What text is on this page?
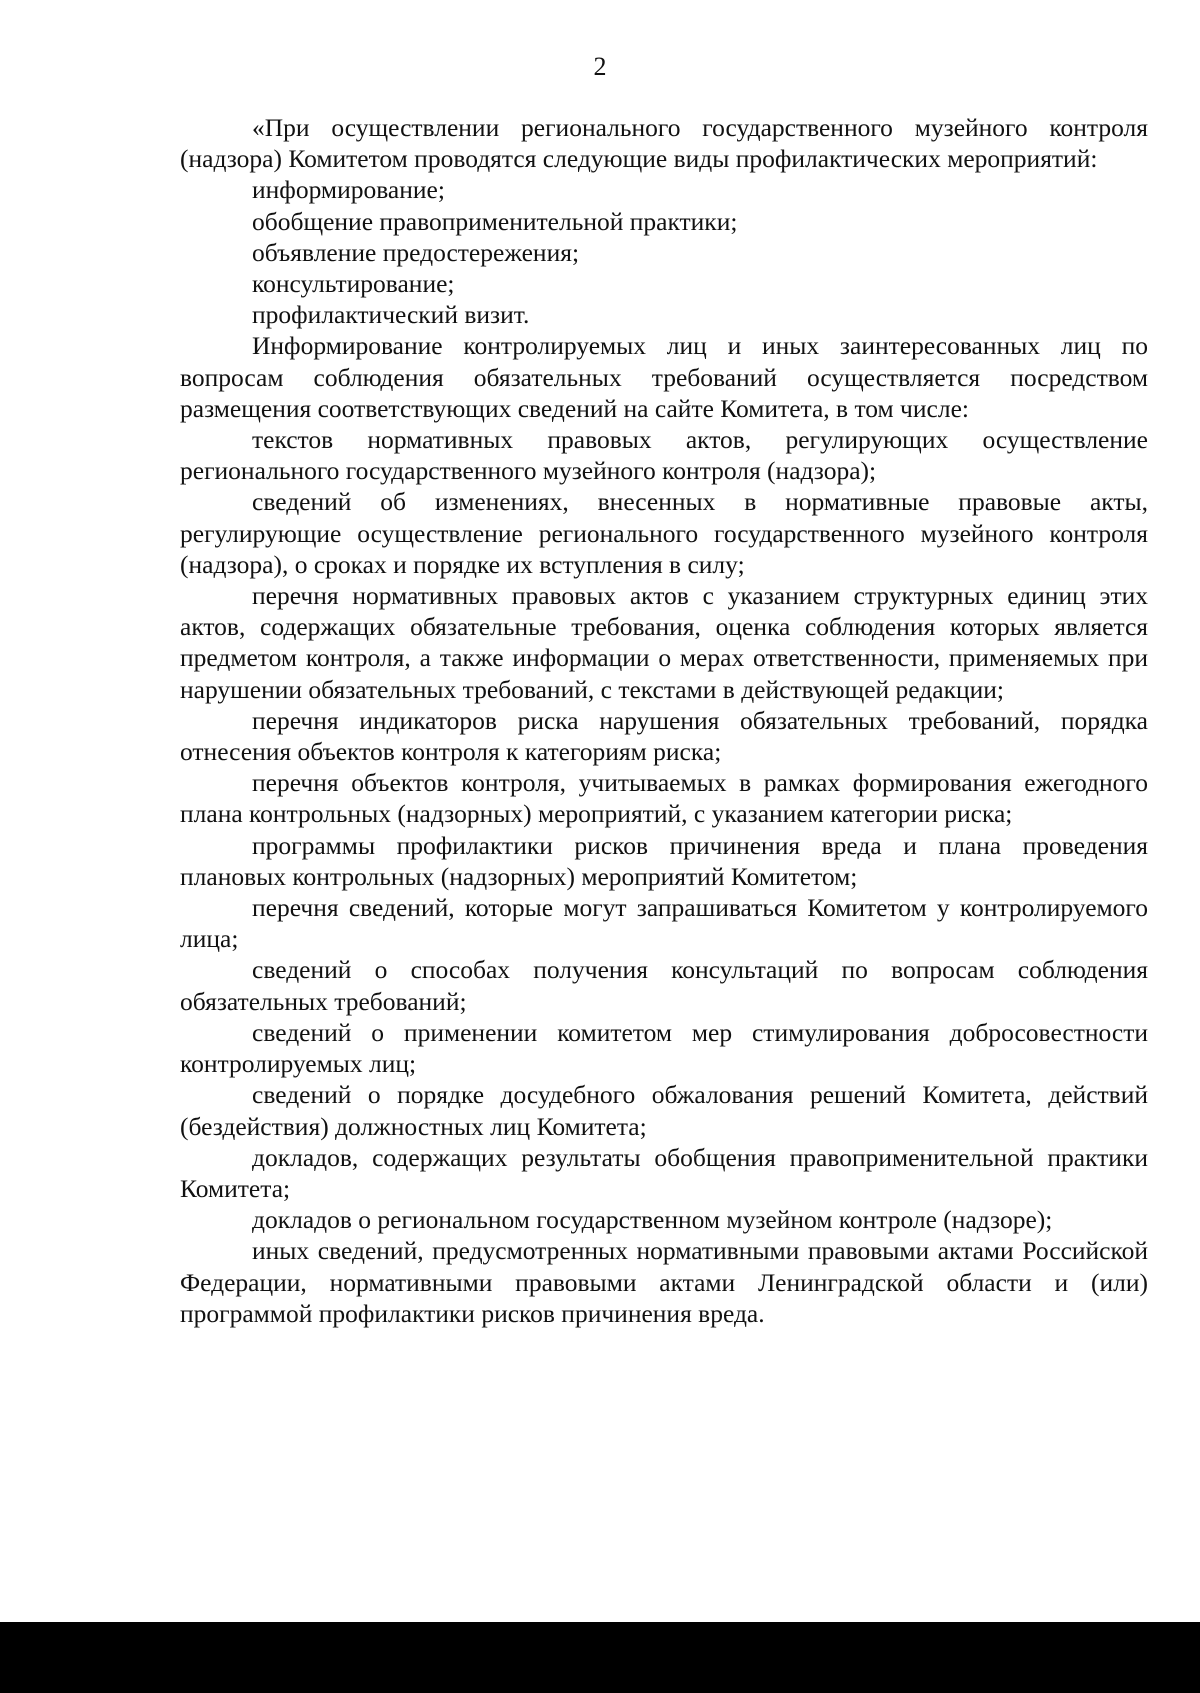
2

«При осуществлении регионального государственного музейного контроля (надзора) Комитетом проводятся следующие виды профилактических мероприятий:

информирование;

обобщение правоприменительной практики;

объявление предостережения;

консультирование;

профилактический визит.

Информирование контролируемых лиц и иных заинтересованных лиц по вопросам соблюдения обязательных требований осуществляется посредством размещения соответствующих сведений на сайте Комитета, в том числе:

текстов нормативных правовых актов, регулирующих осуществление регионального государственного музейного контроля (надзора);

сведений об изменениях, внесенных в нормативные правовые акты, регулирующие осуществление регионального государственного музейного контроля (надзора), о сроках и порядке их вступления в силу;

перечня нормативных правовых актов с указанием структурных единиц этих актов, содержащих обязательные требования, оценка соблюдения которых является предметом контроля, а также информации о мерах ответственности, применяемых при нарушении обязательных требований, с текстами в действующей редакции;

перечня индикаторов риска нарушения обязательных требований, порядка отнесения объектов контроля к категориям риска;

перечня объектов контроля, учитываемых в рамках формирования ежегодного плана контрольных (надзорных) мероприятий, с указанием категории риска;

программы профилактики рисков причинения вреда и плана проведения плановых контрольных (надзорных) мероприятий Комитетом;

перечня сведений, которые могут запрашиваться Комитетом у контролируемого лица;

сведений о способах получения консультаций по вопросам соблюдения обязательных требований;

сведений о применении комитетом мер стимулирования добросовестности контролируемых лиц;

сведений о порядке досудебного обжалования решений Комитета, действий (бездействия) должностных лиц Комитета;

докладов, содержащих результаты обобщения правоприменительной практики Комитета;

докладов о региональном государственном музейном контроле (надзоре);

иных сведений, предусмотренных нормативными правовыми актами Российской Федерации, нормативными правовыми актами Ленинградской области и (или) программой профилактики рисков причинения вреда.
